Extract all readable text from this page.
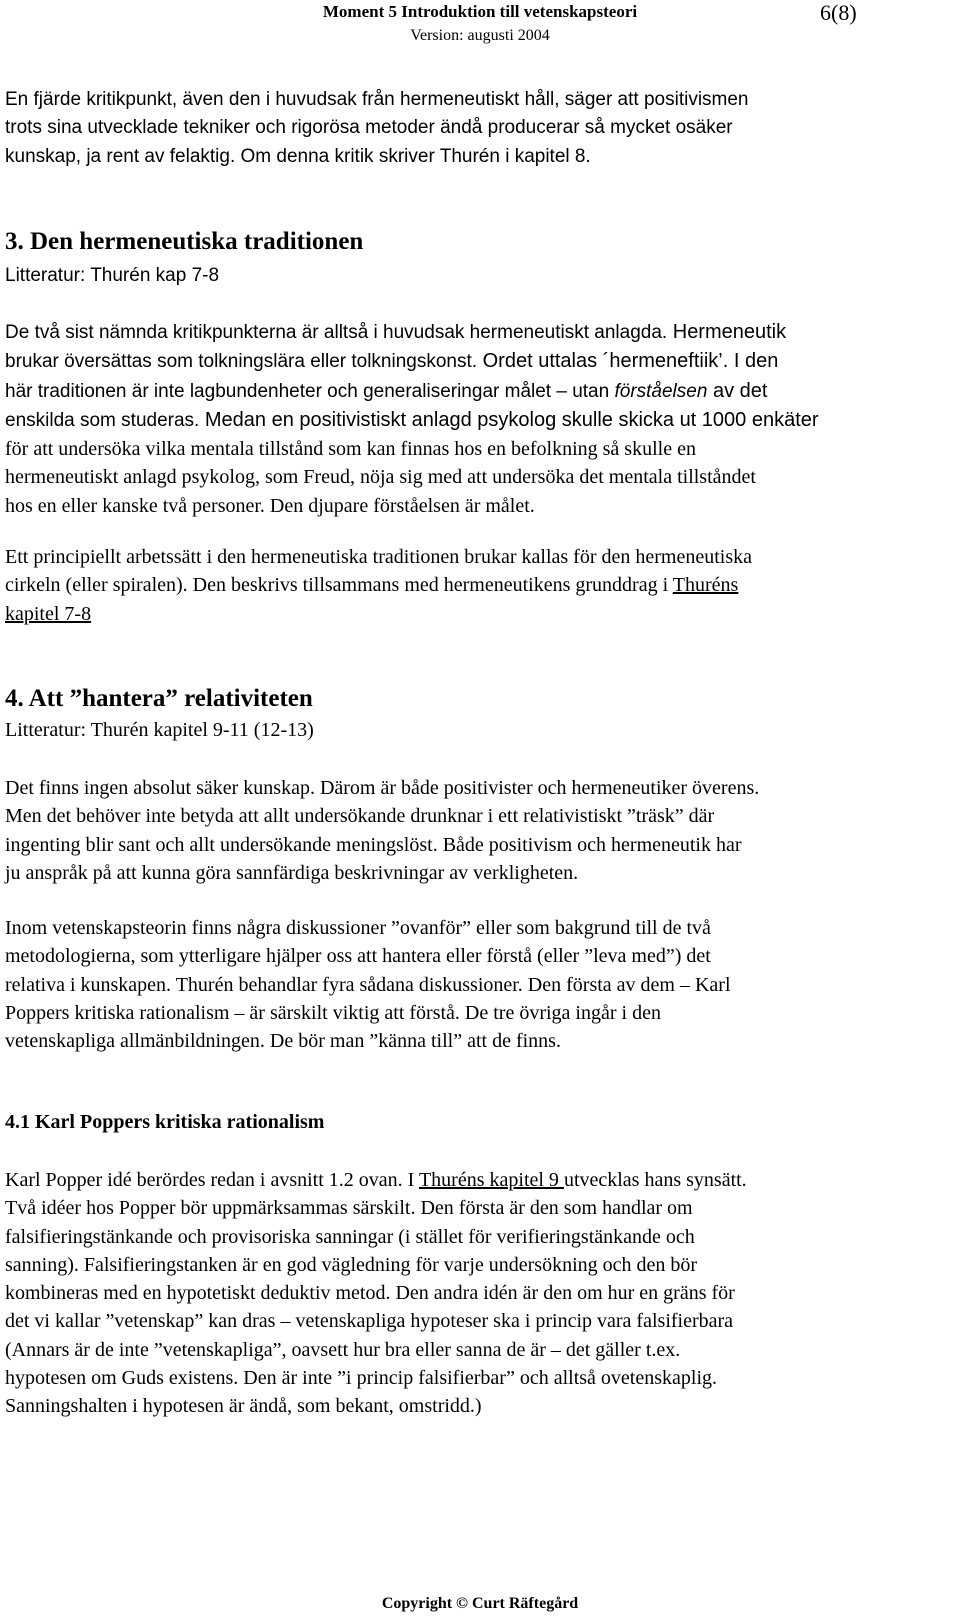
Moment 5 Introduktion till vetenskapsteori
Version: augusti 2004
6(8)

En fjärde kritikpunkt, även den i huvudsak från hermeneutiskt håll, säger att positivismen

trots sina utvecklade tekniker och rigorösa metoder ändå producerar så mycket osäker

kunskap, ja rent av felaktig. Om denna kritik skriver Thurén i kapitel 8.

3. Den hermeneutiska traditionen

Litteratur: Thurén kap 7-8

De två sist nämnda kritikpunkterna är alltså i huvudsak hermeneutiskt anlagda. Hermeneutik

brukar översättas som tolkningslära eller tolkningskonst. Ordet uttalas ´hermeneftiik’. I den

här traditionen är inte lagbundenheter och generaliseringar målet – utan förståelsen av det

enskilda som studeras. Medan en positivistiskt anlagd psykolog skulle skicka ut 1000 enkäter

för att undersöka vilka mentala tillstånd som kan finnas hos en befolkning så skulle en

hermeneutiskt anlagd psykolog, som Freud, nöja sig med att undersöka det mentala tillståndet

hos en eller kanske två personer. Den djupare förståelsen är målet.

Ett principiellt arbetssätt i den hermeneutiska traditionen brukar kallas för den hermeneutiska

cirkeln (eller spiralen). Den beskrivs tillsammans med hermeneutikens grunddrag i Thuréns

kapitel 7-8

4. Att ”hantera” relativiteten

Litteratur: Thurén kapitel 9-11 (12-13)

Det finns ingen absolut säker kunskap. Därom är både positivister och hermeneutiker överens.

Men det behöver inte betyda att allt undersökande drunknar i ett relativistiskt ”träsk” där

ingenting blir sant och allt undersökande meningslöst. Både positivism och hermeneutik har

ju anspråk på att kunna göra sannfärdiga beskrivningar av verkligheten.

Inom vetenskapsteorin finns några diskussioner ”ovanför” eller som bakgrund till de två

metodologierna, som ytterligare hjälper oss att hantera eller förstå (eller ”leva med”) det

relativa i kunskapen. Thurén behandlar fyra sådana diskussioner. Den första av dem – Karl

Poppers kritiska rationalism – är särskilt viktig att förstå. De tre övriga ingår i den

vetenskapliga allmänbildningen. De bör man ”känna till” att de finns.

4.1 Karl Poppers kritiska rationalism

Karl Popper idé berördes redan i avsnitt 1.2 ovan. I Thuréns kapitel 9 utvecklas hans synsätt.

Två idéer hos Popper bör uppmärksammas särskilt. Den första är den som handlar om

falsifieringstänkande och provisoriska sanningar (i stället för verifieringstänkande och

sanning). Falsifieringstanken är en god vägledning för varje undersökning och den bör

kombineras med en hypotetiskt deduktiv metod. Den andra idén är den om hur en gräns för

det vi kallar ”vetenskap” kan dras – vetenskapliga hypoteser ska i princip vara falsifierbara

(Annars är de inte ”vetenskapliga”, oavsett hur bra eller sanna de är – det gäller t.ex.

hypotesen om Guds existens. Den är inte ”i princip falsifierbar” och alltså ovetenskaplig.

Sanningshalten i hypotesen är ändå, som bekant, omstridd.)

Copyright © Curt Räftegård
